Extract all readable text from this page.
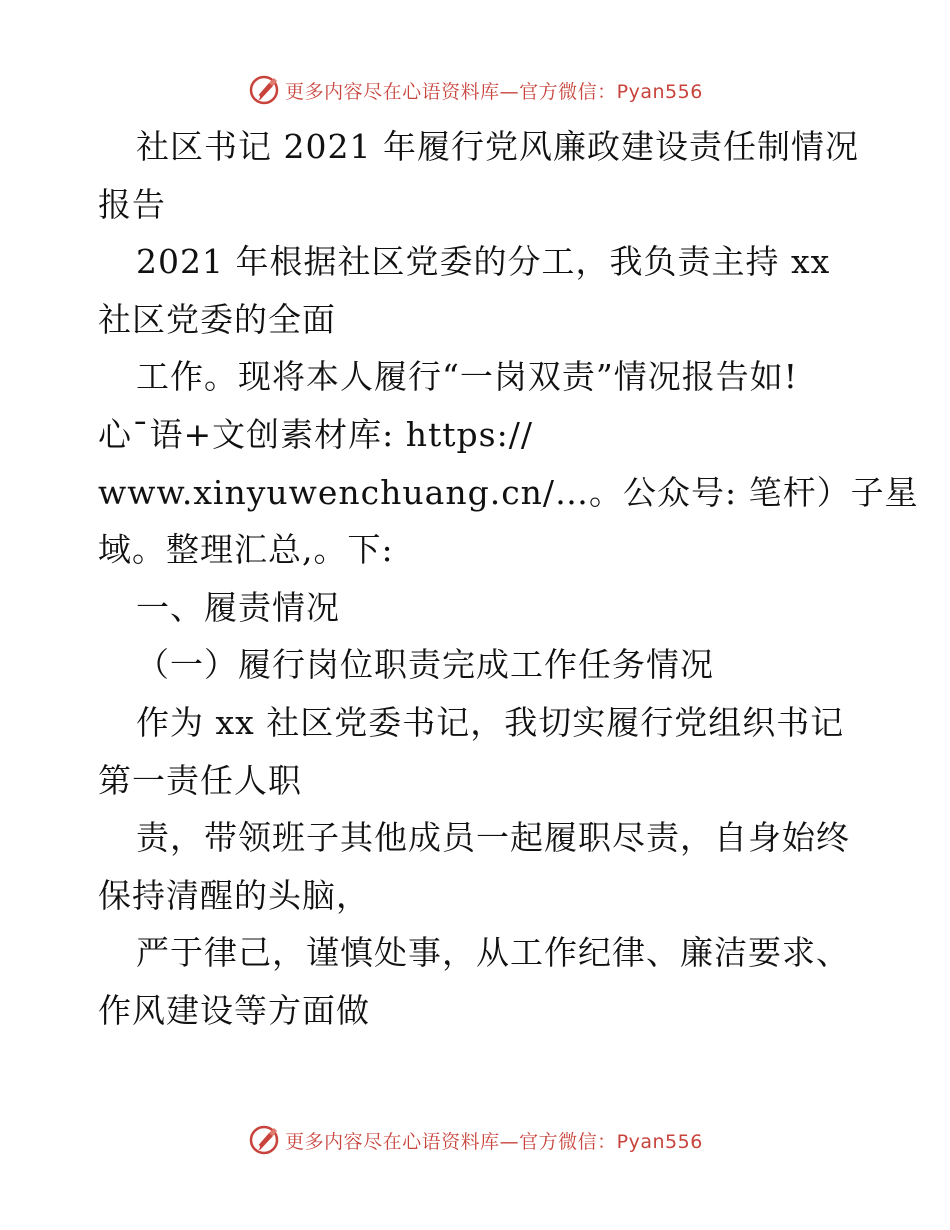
更多内容尽在心语资料库—官方微信：Pyan556
社区书记 2021 年履行党风廉政建设责任制情况
报告
2021 年根据社区党委的分工，我负责主持 xx
社区党委的全面
工作。现将本人履行“一岗双责”情况报告如!
心¯语+文创素材库: https://
www.xinyuwenchuang.cn/…。公众号: 笔杆）子星
域。整理汇总,。下:
一、履责情况
（一）履行岗位职责完成工作任务情况
作为 xx 社区党委书记，我切实履行党组织书记
第一责任人职
责，带领班子其他成员一起履职尽责，自身始终
保持清醒的头脑，
严于律己，谨慎处事，从工作纪律、廉洁要求、
作风建设等方面做
更多内容尽在心语资料库—官方微信：Pyan556
